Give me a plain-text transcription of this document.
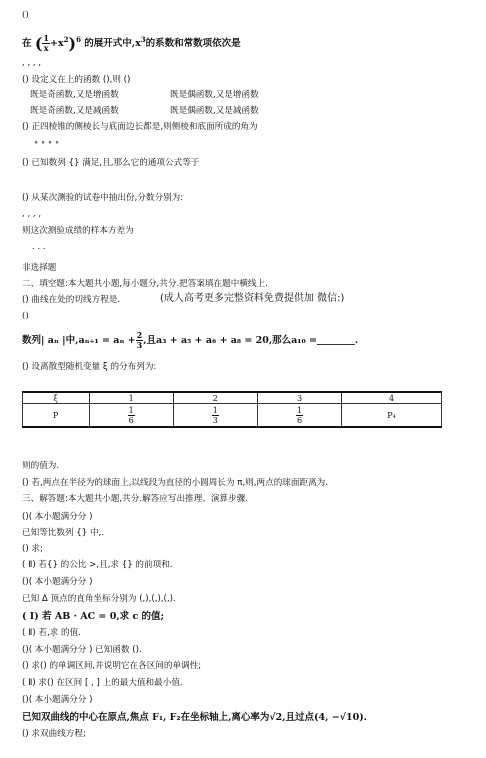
()
在 ( $\frac{1}{x} +x^2)^6$ 的展开式中$,x^3$的系数和常数项依次是
, , , ,
() 设定义在上的函数 (),则 ()
既是奇函数,又是增函数	既是偶函数,又是增函数
既是奇函数,又是减函数	既是偶函数,又是减函数
() 正四棱锥的侧棱长与底面边长都是,则侧棱和底面所成的角为
∘ ∘ ∘ ∘
() 已知数列 {} 满足,且,那么它的通项公式等于
() 从某次测验的试卷中抽出份,分数分别为:
, , , ,
则这次测验成绩的样本方差为
. . .
非选择题
二、填空题:本大题共小题,每小题分,共分.把答案填在题中横线上.
() 曲线在处的切线方程是.	(成人高考更多完整资料免费提供加 微信:)
()
数列| aₙ |中$,a_{n+1} = a_n + \frac{2}{3}$ ,且a₃ + a₅ + a₆ + a₈ = 20,那么a₁₀ =________.
() 设离散型随机变量 ξ 的分布列为:
ξ	1	2	3	4
P	$\frac{1}{6}$	$\frac{1}{3}$	$\frac{1}{6}$	P₄
则的值为.
() 若,两点在半径为的球面上,以线段为直径的小圆周长为 π,则,两点的球面距离为.
三、解答题:本大题共小题,共分.解答应写出推理、演算步骤.
()( 本小题满分分 )
已知等比数列 {} 中,.
() 求;
( Ⅱ) 若{} 的公比 >,且,求 {} 的前项和.
()( 本小题满分分 )
已知 Δ 顶点的直角坐标分别为 (,),(,),(,).
( Ⅰ) 若 AB · AC = 0,求 c 的值;
( Ⅱ) 若,求 的值.
()( 本小题满分分 ) 已知函数 ().
() 求() 的单调区间,并说明它在各区间的单调性;
( Ⅱ) 求() 在区间 [ , ] 上的最大值和最小值.
()( 本小题满分分 )
已知双曲线的中心在原点,焦点 F₁, F₂在坐标轴上,离心率为√2,且过点(4, −√10).
() 求双曲线方程;
